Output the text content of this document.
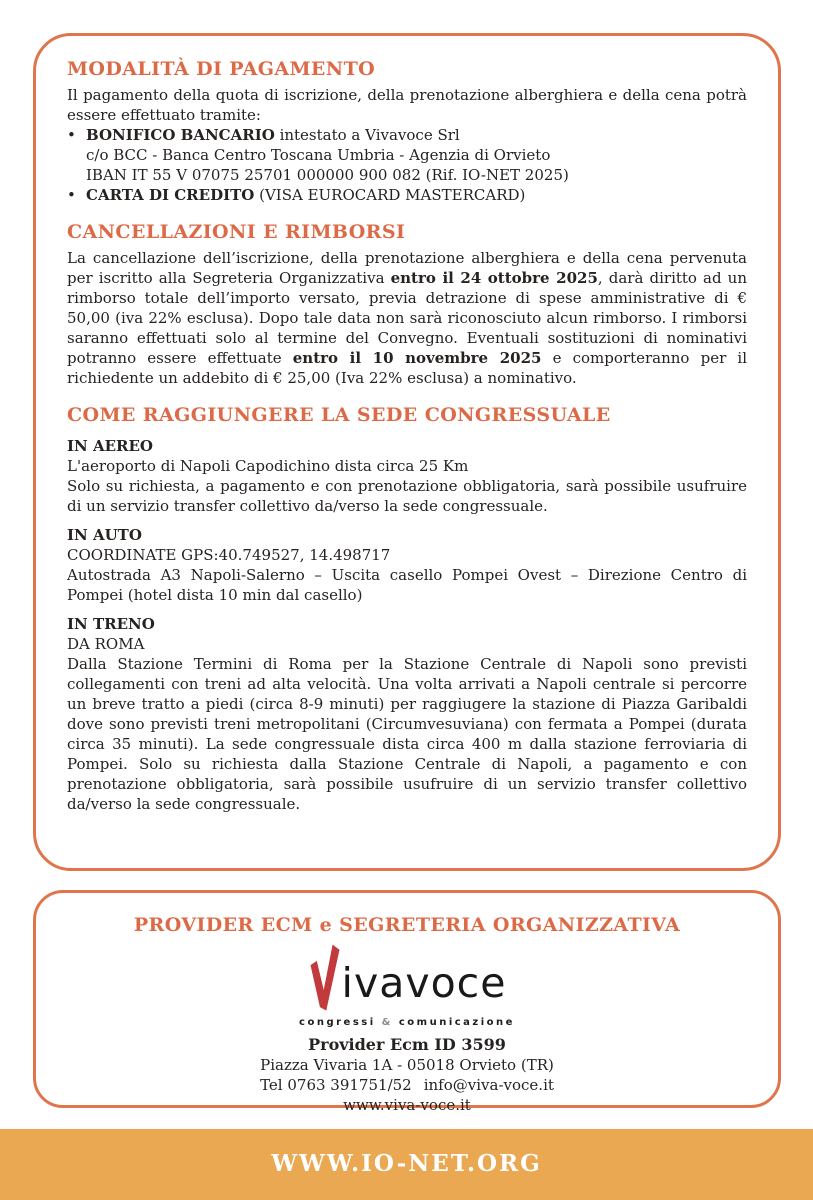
MODALITÀ DI PAGAMENTO
Il pagamento della quota di iscrizione, della prenotazione alberghiera e della cena potrà essere effettuato tramite:
• BONIFICO BANCARIO intestato a Vivavoce Srl
c/o BCC - Banca Centro Toscana Umbria - Agenzia di Orvieto
IBAN IT 55 V 07075 25701 000000 900 082 (Rif. IO-NET 2025)
• CARTA DI CREDITO (VISA EUROCARD MASTERCARD)
CANCELLAZIONI E RIMBORSI
La cancellazione dell’iscrizione, della prenotazione alberghiera e della cena pervenuta per iscritto alla Segreteria Organizzativa entro il 24 ottobre 2025, darà diritto ad un rimborso totale dell’importo versato, previa detrazione di spese amministrative di € 50,00 (iva 22% esclusa). Dopo tale data non sarà riconosciuto alcun rimborso. I rimborsi saranno effettuati solo al termine del Convegno. Eventuali sostituzioni di nominativi potranno essere effettuate entro il 10 novembre 2025 e comporteranno per il richiedente un addebito di € 25,00 (Iva 22% esclusa) a nominativo.
COME RAGGIUNGERE LA SEDE CONGRESSUALE
IN AEREO
L'aeroporto di Napoli Capodichino dista circa 25 Km
Solo su richiesta, a pagamento e con prenotazione obbligatoria, sarà possibile usufruire di un servizio transfer collettivo da/verso la sede congressuale.
IN AUTO
COORDINATE GPS:40.749527, 14.498717
Autostrada A3 Napoli-Salerno – Uscita casello Pompei Ovest – Direzione Centro di Pompei (hotel dista 10 min dal casello)
IN TRENO
DA ROMA
Dalla Stazione Termini di Roma per la Stazione Centrale di Napoli sono previsti collegamenti con treni ad alta velocità. Una volta arrivati a Napoli centrale si percorre un breve tratto a piedi (circa 8-9 minuti) per raggiugere la stazione di Piazza Garibaldi dove sono previsti treni metropolitani (Circumvesuviana) con fermata a Pompei (durata circa 35 minuti). La sede congressuale dista circa 400 m dalla stazione ferroviaria di Pompei. Solo su richiesta dalla Stazione Centrale di Napoli, a pagamento e con prenotazione obbligatoria, sarà possibile usufruire di un servizio transfer collettivo da/verso la sede congressuale.
PROVIDER ECM e SEGRETERIA ORGANIZZATIVA
ivavoce
congressi & comunicazione
Provider Ecm ID 3599
Piazza Vivaria 1A - 05018 Orvieto (TR)
Tel 0763 391751/52 info@viva-voce.it
www.viva-voce.it
WWW.IO-NET.ORG
